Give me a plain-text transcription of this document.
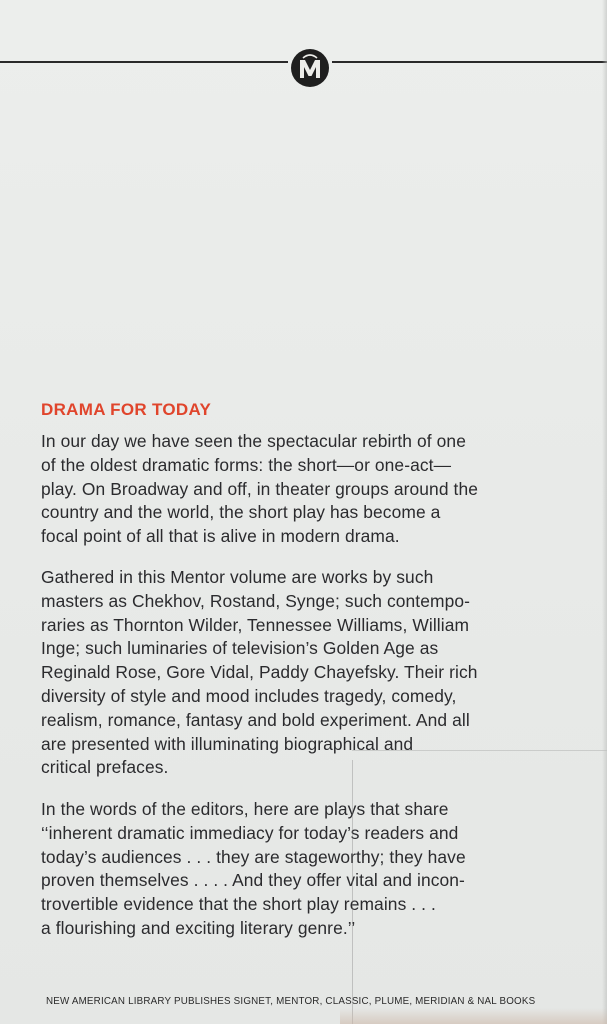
DRAMA FOR TODAY

In our day we have seen the spectacular rebirth of one
of the oldest dramatic forms: the short—or one-act—
play. On Broadway and off, in theater groups around the
country and the world, the short play has become a
focal point of all that is alive in modern drama.

Gathered in this Mentor volume are works by such
masters as Chekhov, Rostand, Synge; such contempo-
raries as Thornton Wilder, Tennessee Williams, William
Inge; such luminaries of television’s Golden Age as
Reginald Rose, Gore Vidal, Paddy Chayefsky. Their rich
diversity of style and mood includes tragedy, comedy,
realism, romance, fantasy and bold experiment. And all
are presented with illuminating biographical and
critical prefaces.

In the words of the editors, here are plays that share
‘‘inherent dramatic immediacy for today’s readers and
today’s audiences . . . they are stageworthy; they have
proven themselves . . . . And they offer vital and incon-
trovertible evidence that the short play remains . . .
a flourishing and exciting literary genre.’’

NEW AMERICAN LIBRARY PUBLISHES SIGNET, MENTOR, CLASSIC, PLUME, MERIDIAN & NAL BOOKS
